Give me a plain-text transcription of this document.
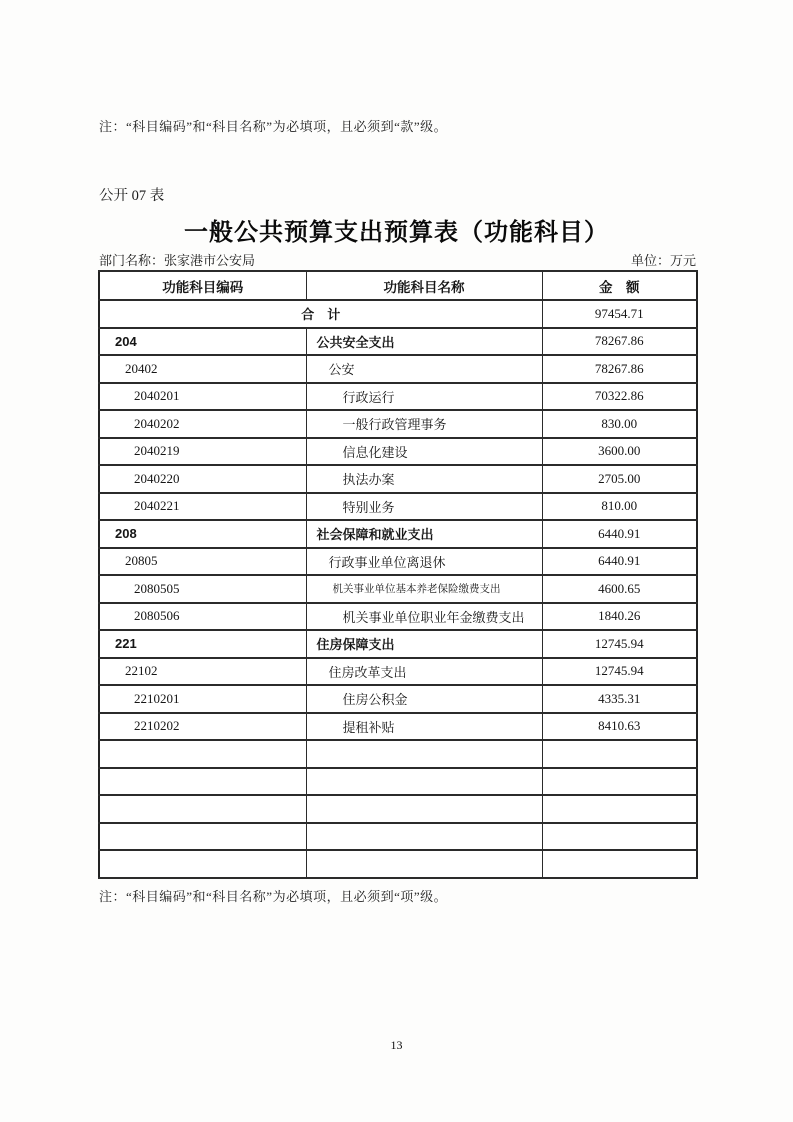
注：“科目编码”和“科目名称”为必填项，且必须到“款”级。
公开 07 表
一般公共预算支出预算表（功能科目）
部门名称：张家港市公安局	单位：万元
功能科目编码	功能科目名称	金　额
合　计		97454.71
204	公共安全支出	78267.86
20402	公安	78267.86
2040201	行政运行	70322.86
2040202	一般行政管理事务	830.00
2040219	信息化建设	3600.00
2040220	执法办案	2705.00
2040221	特别业务	810.00
208	社会保障和就业支出	6440.91
20805	行政事业单位离退休	6440.91
2080505	机关事业单位基本养老保险缴费支出	4600.65
2080506	机关事业单位职业年金缴费支出	1840.26
221	住房保障支出	12745.94
22102	住房改革支出	12745.94
2210201	住房公积金	4335.31
2210202	提租补贴	8410.63

注：“科目编码”和“科目名称”为必填项，且必须到“项”级。
13
